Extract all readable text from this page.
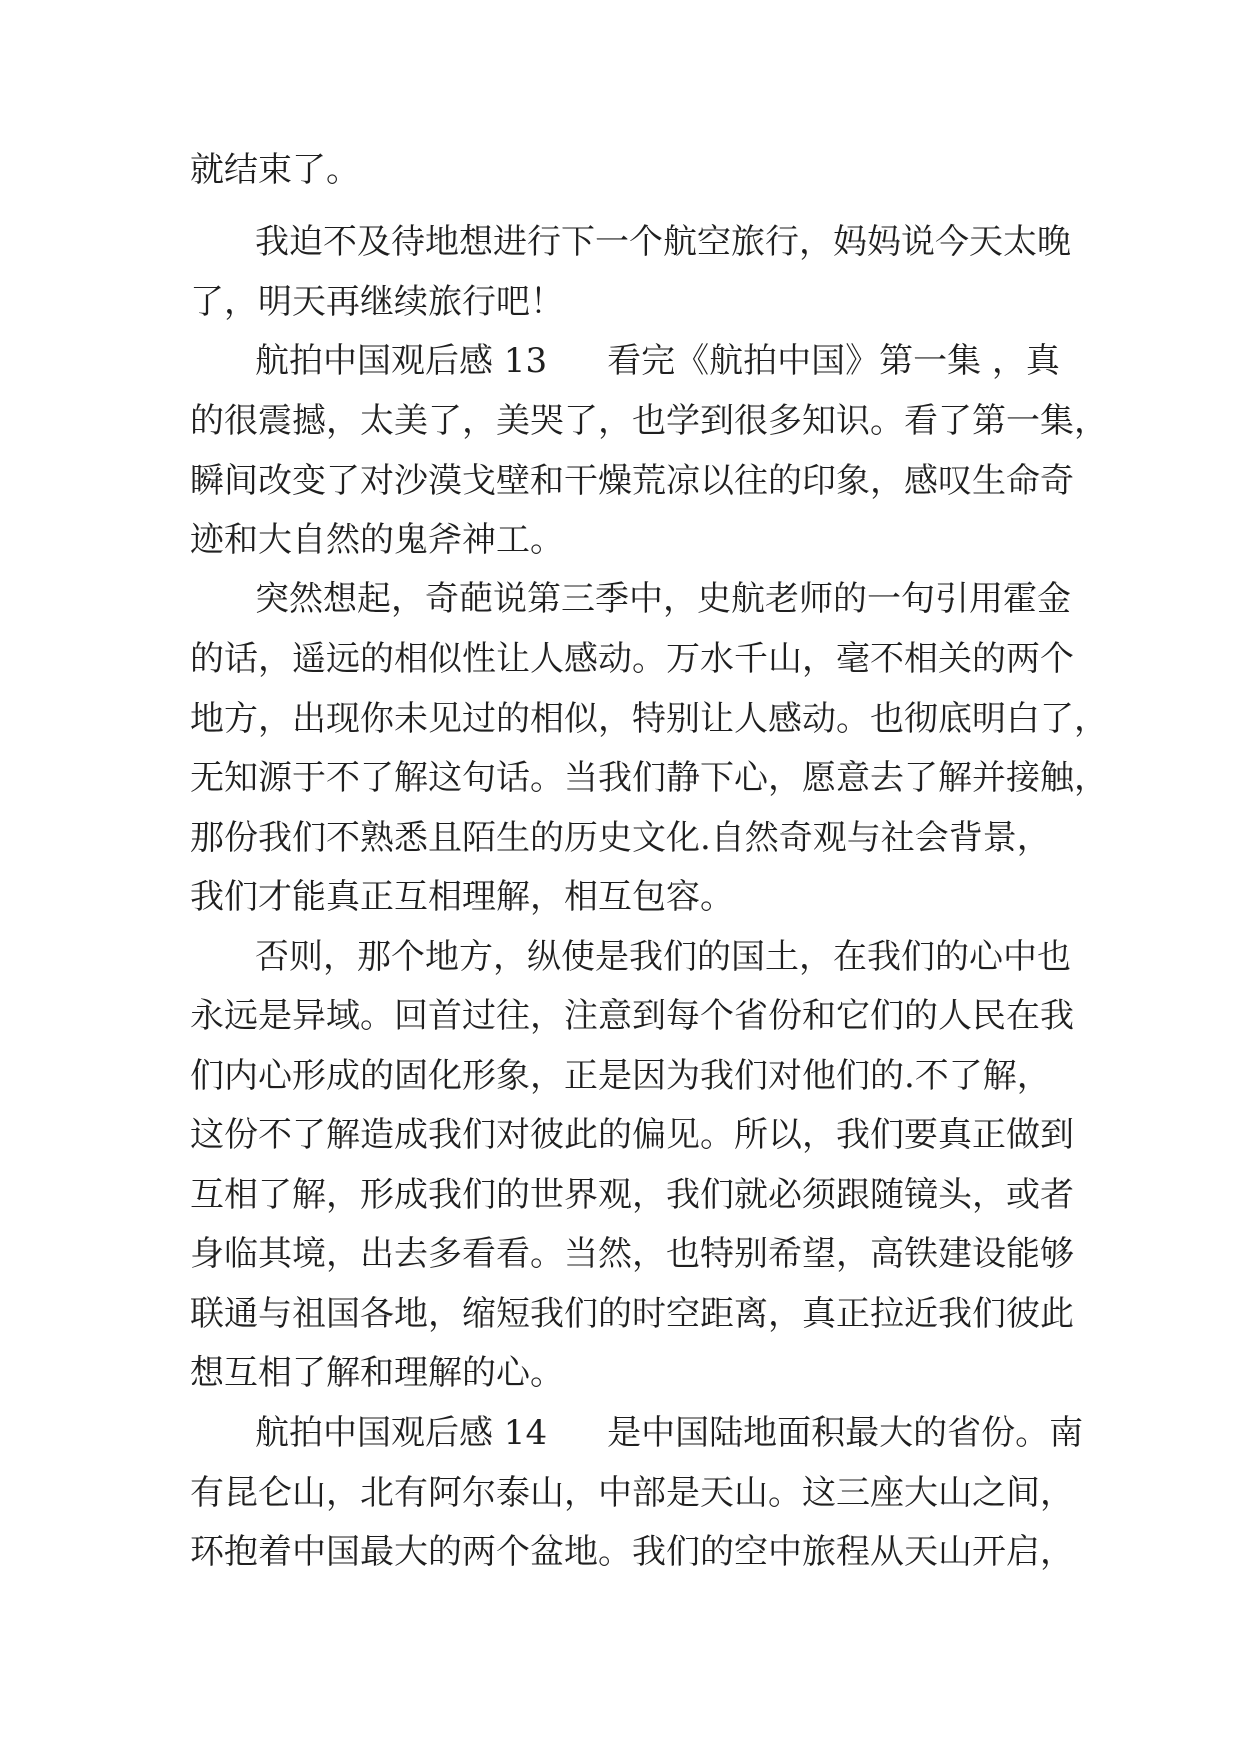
就结束了。
我迫不及待地想进行下一个航空旅行，妈妈说今天太晚
了，明天再继续旅行吧！
航拍中国观后感 13 看完《航拍中国》第一集 ，真
的很震撼，太美了，美哭了，也学到很多知识。看了第一集，
瞬间改变了对沙漠戈壁和干燥荒凉以往的印象，感叹生命奇
迹和大自然的鬼斧神工。
突然想起，奇葩说第三季中，史航老师的一句引用霍金
的话，遥远的相似性让人感动。万水千山，毫不相关的两个
地方，出现你未见过的相似，特别让人感动。也彻底明白了，
无知源于不了解这句话。当我们静下心，愿意去了解并接触，
那份我们不熟悉且陌生的历史文化.自然奇观与社会背景，
我们才能真正互相理解，相互包容。
否则，那个地方，纵使是我们的国土，在我们的心中也
永远是异域。回首过往，注意到每个省份和它们的人民在我
们内心形成的固化形象，正是因为我们对他们的.不了解，
这份不了解造成我们对彼此的偏见。所以，我们要真正做到
互相了解，形成我们的世界观，我们就必须跟随镜头，或者
身临其境，出去多看看。当然，也特别希望，高铁建设能够
联通与祖国各地，缩短我们的时空距离，真正拉近我们彼此
想互相了解和理解的心。
航拍中国观后感 14 是中国陆地面积最大的省份。南
有昆仑山，北有阿尔泰山，中部是天山。这三座大山之间，
环抱着中国最大的两个盆地。我们的空中旅程从天山开启，
